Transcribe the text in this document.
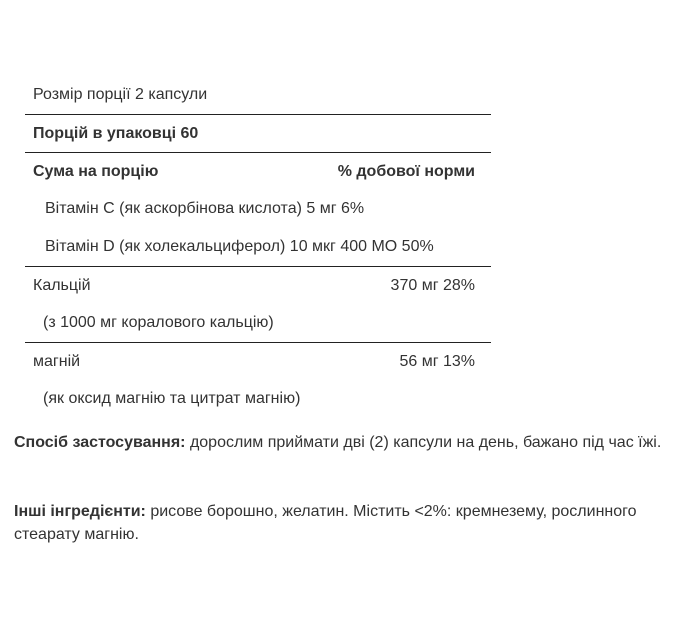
Розмір порції 2 капсули
Порцій в упаковці 60
Сума на порцію	% добової норми
Вітамін С (як аскорбінова кислота) 5 мг 6%
Вітамін D (як холекальциферол) 10 мкг 400 МО 50%
Кальцій	370 мг 28%
(з 1000 мг коралового кальцію)
магній	56 мг 13%
(як оксид магнію та цитрат магнію)
Спосіб застосування: дорослим приймати дві (2) капсули на день, бажано під час їжі.
Інші інгредієнти: рисове борошно, желатин. Містить <2%: кремнезему, рослинного стеарату магнію.
